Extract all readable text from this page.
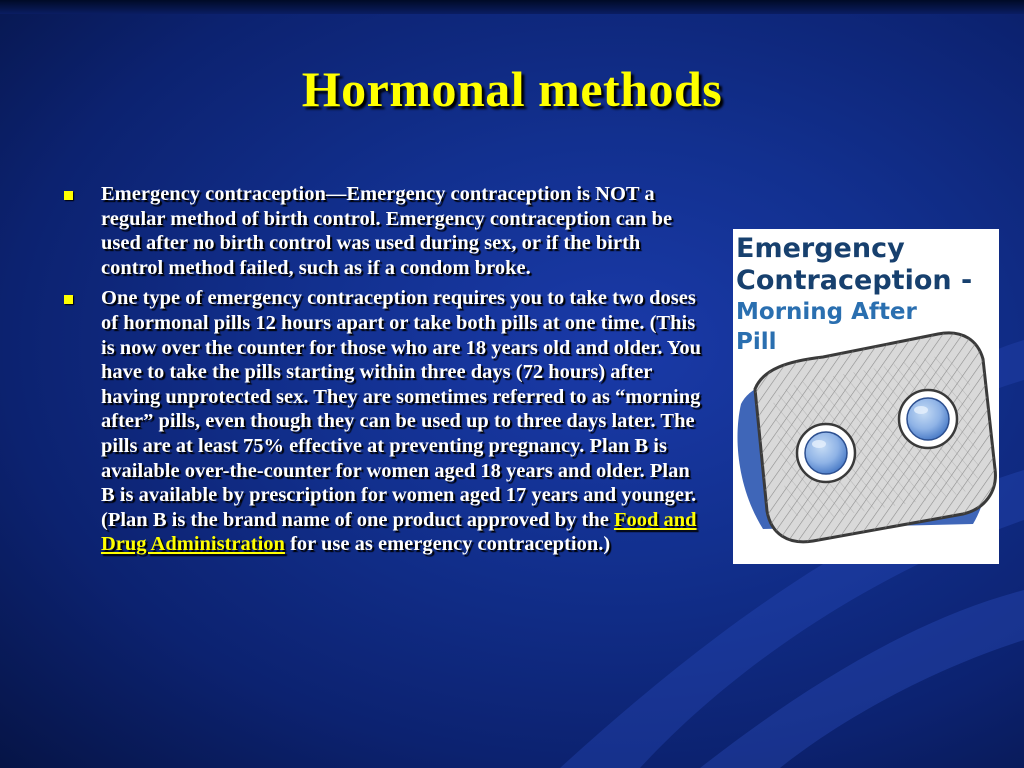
Hormonal methods
Emergency contraception—Emergency contraception is NOT a regular method of birth control. Emergency contraception can be used after no birth control was used during sex, or if the birth control method failed, such as if a condom broke.
One type of emergency contraception requires you to take two doses of hormonal pills 12 hours apart or take both pills at one time. (This is now over the counter for those who are 18 years old and older. You have to take the pills starting within three days (72 hours) after having unprotected sex. They are sometimes referred to as “morning after” pills, even though they can be used up to three days later. The pills are at least 75% effective at preventing pregnancy. Plan B is available over-the-counter for women aged 18 years and older. Plan B is available by prescription for women aged 17 years and younger. (Plan B is the brand name of one product approved by the Food and Drug Administration for use as emergency contraception.)
Emergency
Contraception -
Morning After
Pill
